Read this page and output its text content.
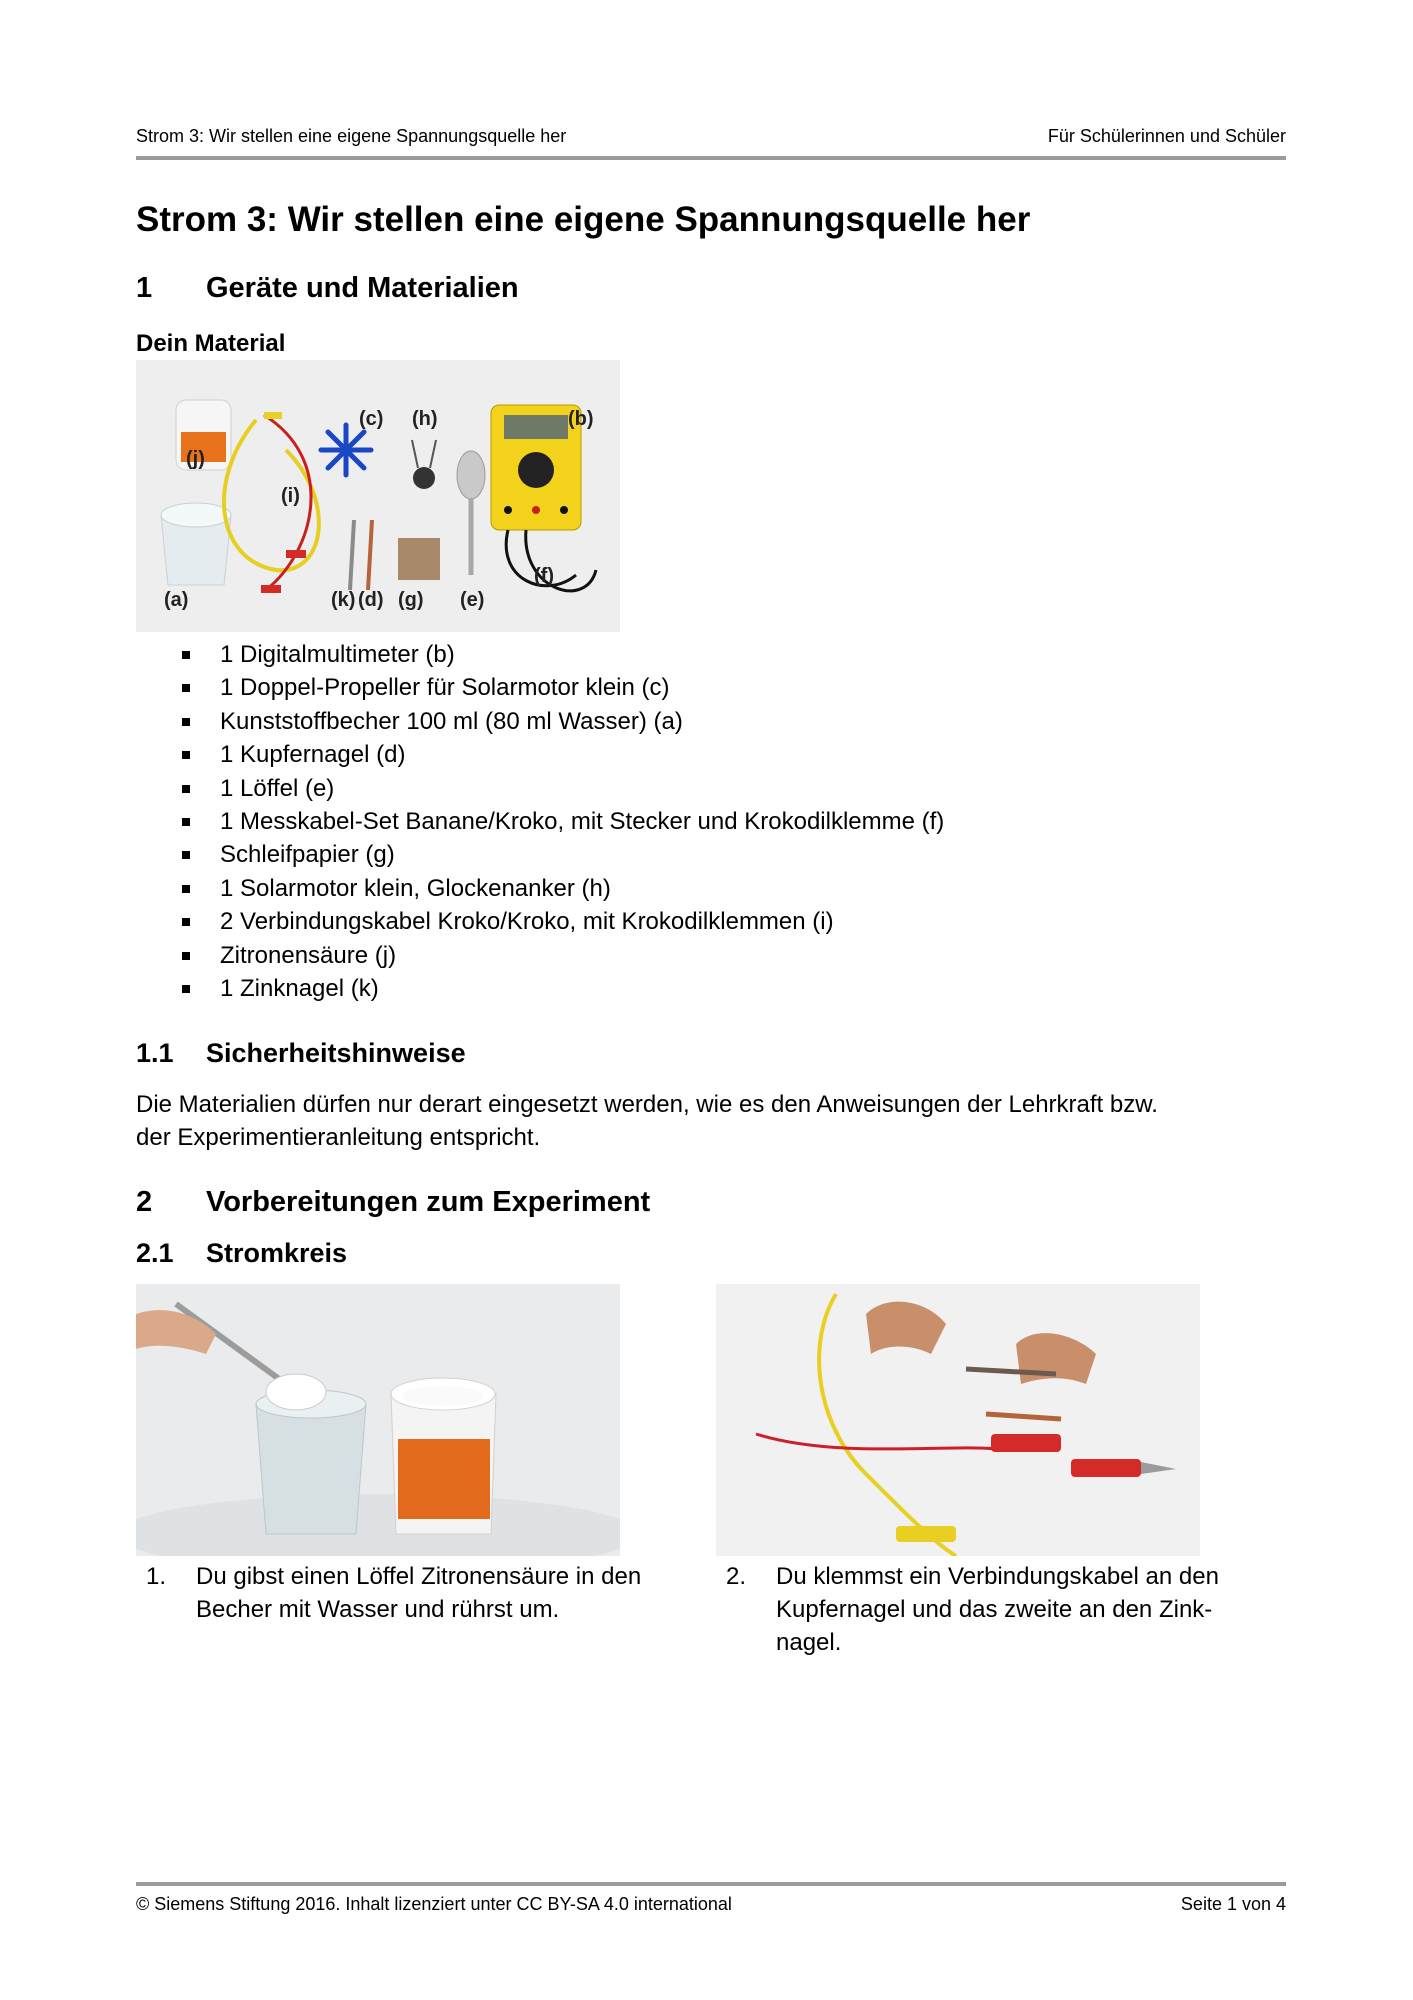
Strom 3: Wir stellen eine eigene Spannungsquelle her	Für Schülerinnen und Schüler
Strom 3: Wir stellen eine eigene Spannungsquelle her
1 Geräte und Materialien
Dein Material
(j)
(a)
(i)
(c) (h)	(b)
(k) (d) (g) (e)
(f)
1 Digitalmultimeter (b)
1 Doppel-Propeller für Solarmotor klein (c)
Kunststoffbecher 100 ml (80 ml Wasser) (a)
1 Kupfernagel (d)
1 Löffel (e)
1 Messkabel-Set Banane/Kroko, mit Stecker und Krokodilklemme (f)
Schleifpapier (g)
1 Solarmotor klein, Glockenanker (h)
2 Verbindungskabel Kroko/Kroko, mit Krokodilklemmen (i)
Zitronensäure (j)
1 Zinknagel (k)
1.1 Sicherheitshinweise
Die Materialien dürfen nur derart eingesetzt werden, wie es den Anweisungen der Lehrkraft bzw.
der Experimentieranleitung entspricht.
2 Vorbereitungen zum Experiment
2.1 Stromkreis
1. Du gibst einen Löffel Zitronensäure in den
Becher mit Wasser und rührst um.
2. Du klemmst ein Verbindungskabel an den
Kupfernagel und das zweite an den Zink-
nagel.
© Siemens Stiftung 2016. Inhalt lizenziert unter CC BY-SA 4.0 international	Seite 1 von 4
